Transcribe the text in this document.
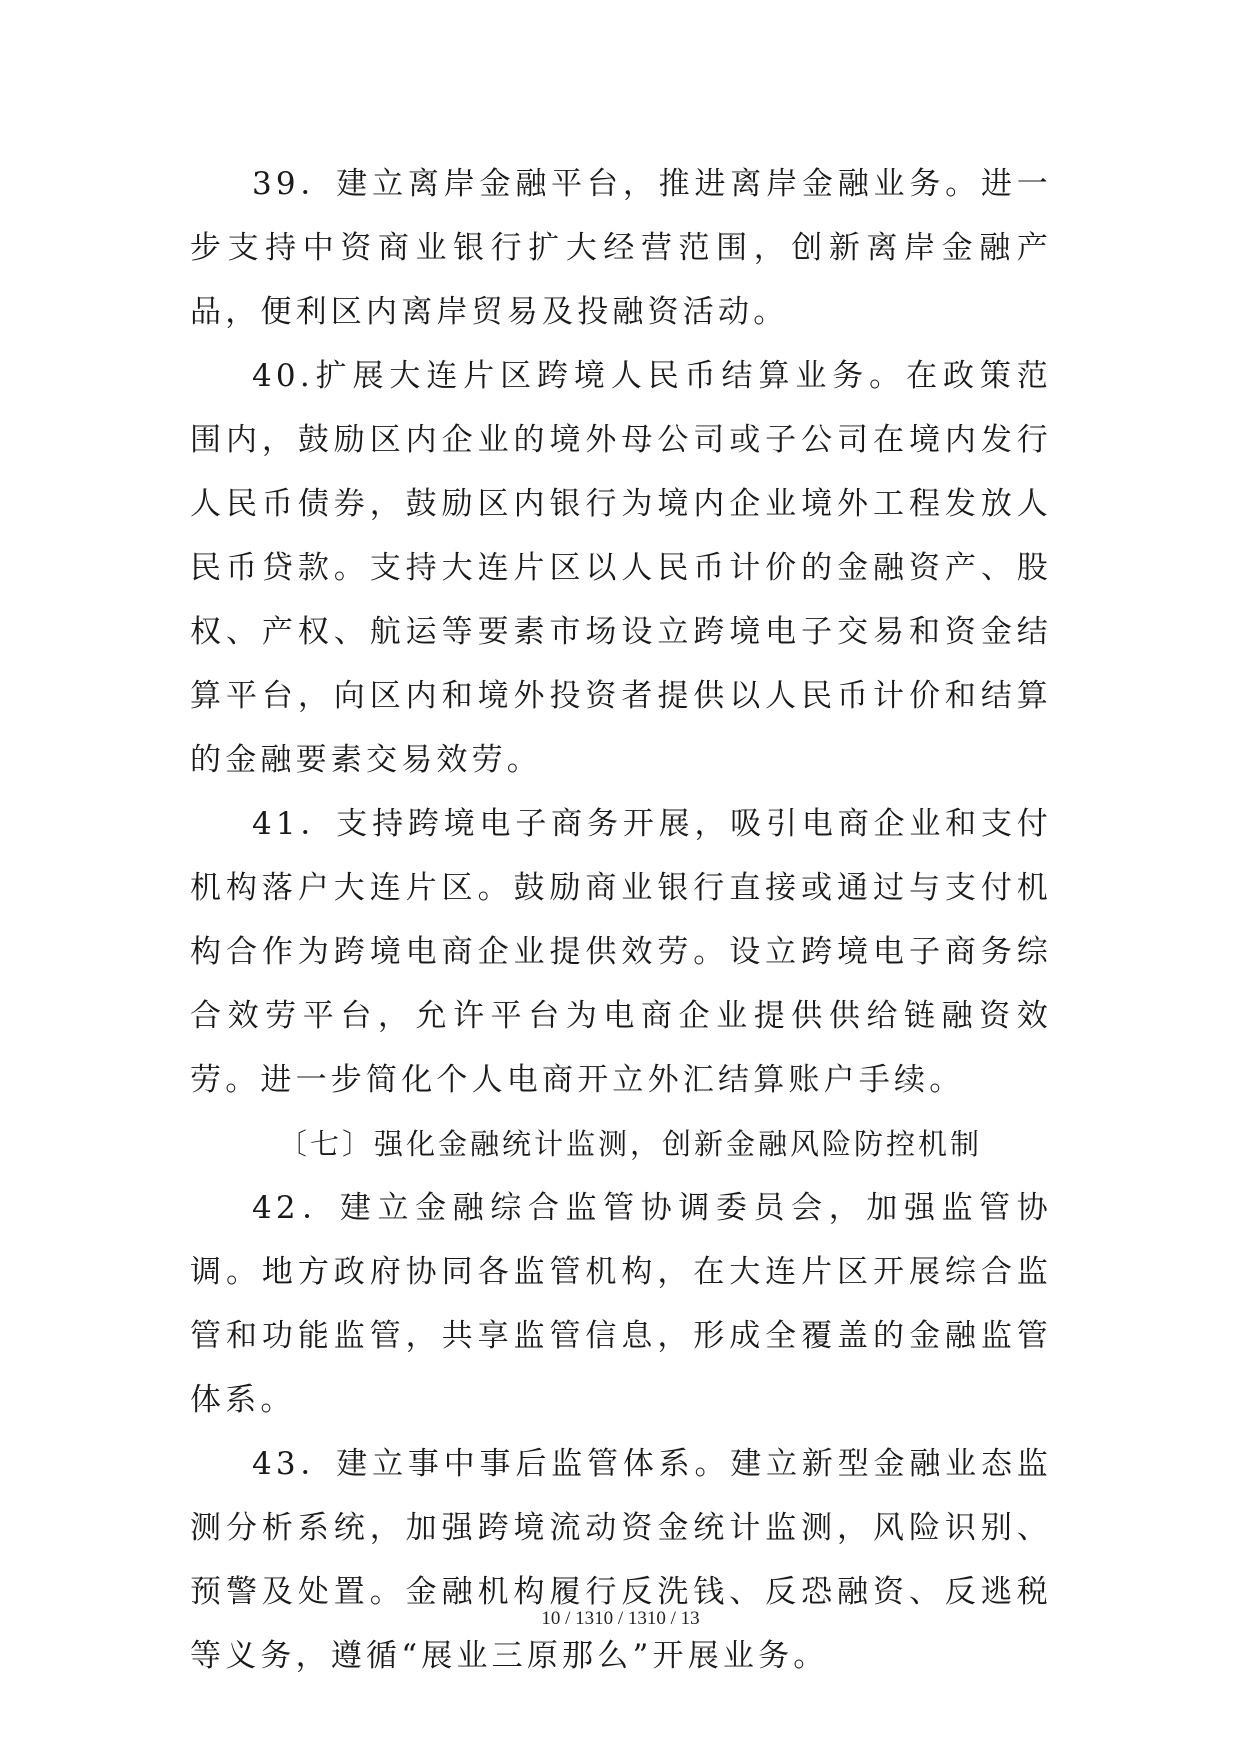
39．建立离岸金融平台，推进离岸金融业务。进一步支持中资商业银行扩大经营范围，创新离岸金融产品，便利区内离岸贸易及投融资活动。

40.扩展大连片区跨境人民币结算业务。在政策范围内，鼓励区内企业的境外母公司或子公司在境内发行人民币债券，鼓励区内银行为境内企业境外工程发放人民币贷款。支持大连片区以人民币计价的金融资产、股权、产权、航运等要素市场设立跨境电子交易和资金结算平台，向区内和境外投资者提供以人民币计价和结算的金融要素交易效劳。

41．支持跨境电子商务开展，吸引电商企业和支付机构落户大连片区。鼓励商业银行直接或通过与支付机构合作为跨境电商企业提供效劳。设立跨境电子商务综合效劳平台，允许平台为电商企业提供供给链融资效劳。进一步简化个人电商开立外汇结算账户手续。

〔七〕强化金融统计监测，创新金融风险防控机制

42．建立金融综合监管协调委员会，加强监管协调。地方政府协同各监管机构，在大连片区开展综合监管和功能监管，共享监管信息，形成全覆盖的金融监管体系。

43．建立事中事后监管体系。建立新型金融业态监测分析系统，加强跨境流动资金统计监测，风险识别、预警及处置。金融机构履行反洗钱、反恐融资、反逃税等义务，遵循“展业三原那么”开展业务。

10 / 1310 / 1310 / 13
